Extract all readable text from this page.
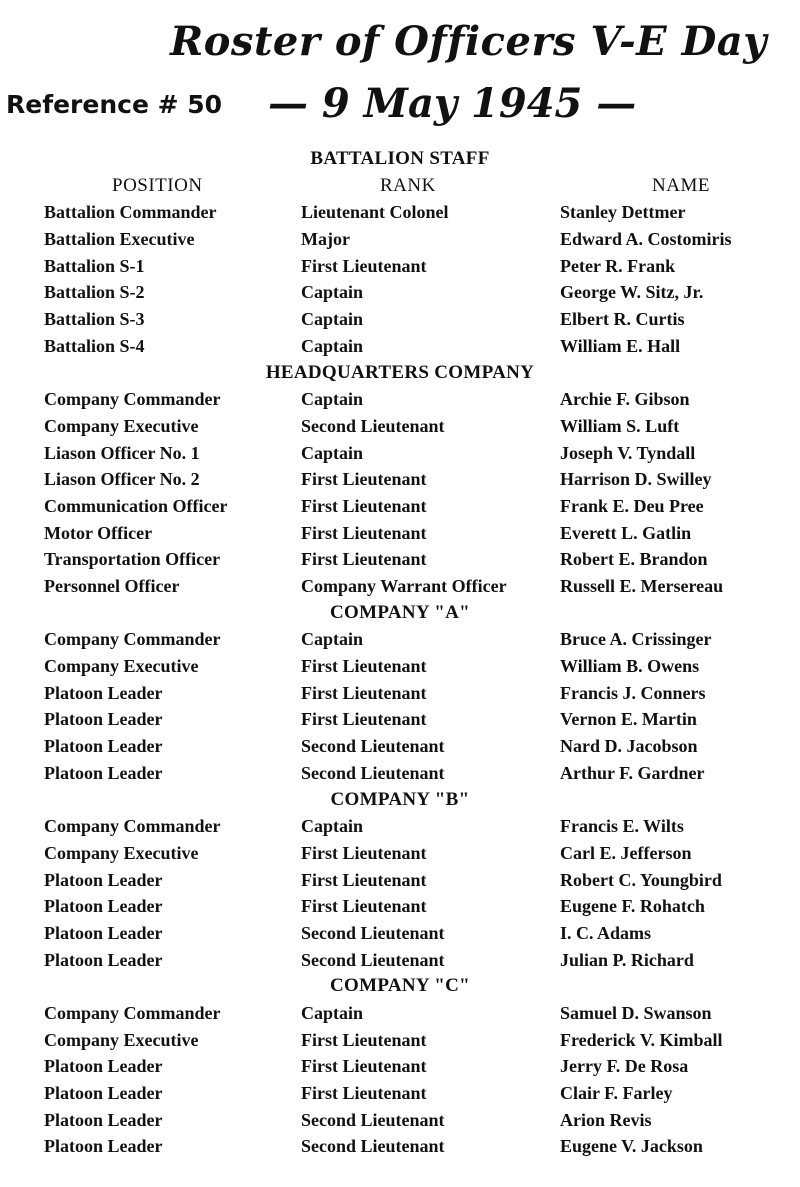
Roster of Officers V-E Day
Reference # 50 — 9 May 1945 —
BATTALION STAFF
POSITION	RANK	NAME
Battalion Commander	Lieutenant Colonel	Stanley Dettmer
Battalion Executive	Major	Edward A. Costomiris
Battalion S-1	First Lieutenant	Peter R. Frank
Battalion S-2	Captain	George W. Sitz, Jr.
Battalion S-3	Captain	Elbert R. Curtis
Battalion S-4	Captain	William E. Hall
HEADQUARTERS COMPANY
Company Commander	Captain	Archie F. Gibson
Company Executive	Second Lieutenant	William S. Luft
Liason Officer No. 1	Captain	Joseph V. Tyndall
Liason Officer No. 2	First Lieutenant	Harrison D. Swilley
Communication Officer	First Lieutenant	Frank E. Deu Pree
Motor Officer	First Lieutenant	Everett L. Gatlin
Transportation Officer	First Lieutenant	Robert E. Brandon
Personnel Officer	Company Warrant Officer	Russell E. Mersereau
COMPANY "A"
Company Commander	Captain	Bruce A. Crissinger
Company Executive	First Lieutenant	William B. Owens
Platoon Leader	First Lieutenant	Francis J. Conners
Platoon Leader	First Lieutenant	Vernon E. Martin
Platoon Leader	Second Lieutenant	Nard D. Jacobson
Platoon Leader	Second Lieutenant	Arthur F. Gardner
COMPANY "B"
Company Commander	Captain	Francis E. Wilts
Company Executive	First Lieutenant	Carl E. Jefferson
Platoon Leader	First Lieutenant	Robert C. Youngbird
Platoon Leader	First Lieutenant	Eugene F. Rohatch
Platoon Leader	Second Lieutenant	I. C. Adams
Platoon Leader	Second Lieutenant	Julian P. Richard
COMPANY "C"
Company Commander	Captain	Samuel D. Swanson
Company Executive	First Lieutenant	Frederick V. Kimball
Platoon Leader	First Lieutenant	Jerry F. De Rosa
Platoon Leader	First Lieutenant	Clair F. Farley
Platoon Leader	Second Lieutenant	Arion Revis
Platoon Leader	Second Lieutenant	Eugene V. Jackson
